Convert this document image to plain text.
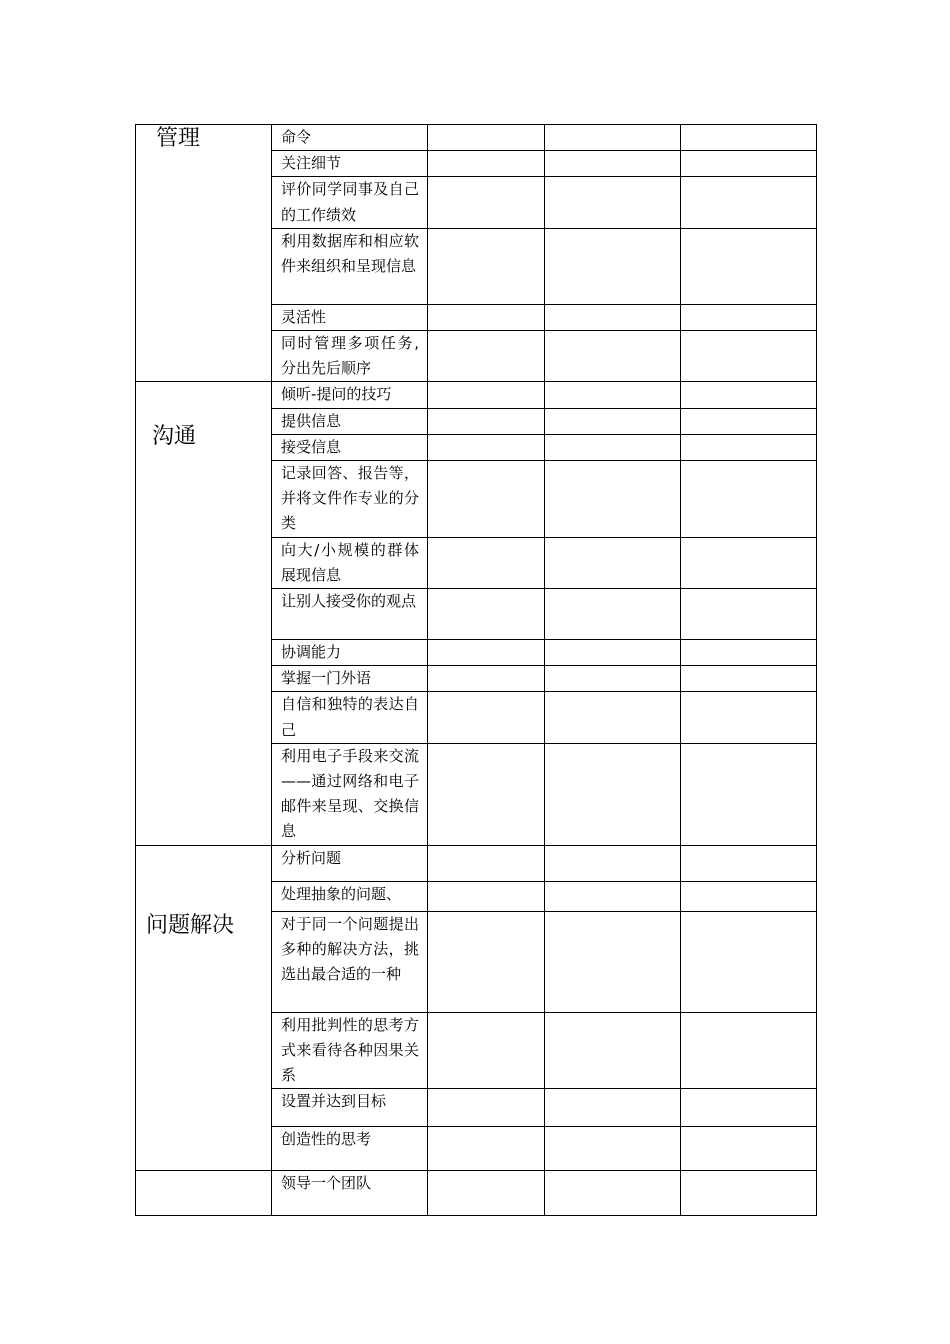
管理	命令			

	关注细节			

	评价同学同事及自己的工作绩效			

	利用数据库和相应软件来组织和呈现信息			

	灵活性			

	同时管理多项任务,分出先后顺序			

沟通	倾听-提问的技巧			

	提供信息			

	接受信息			

	记录回答、报告等，并将文件作专业的分类			

	向大/小规模的群体展现信息			

	让别人接受你的观点			

	协调能力			

	掌握一门外语			

	自信和独特的表达自己			

	利用电子手段来交流——通过网络和电子邮件来呈现、交换信息			

问题解决	分析问题			

	处理抽象的问题、			

	对于同一个问题提出多种的解决方法，挑选出最合适的一种			

	利用批判性的思考方式来看待各种因果关系			

	设置并达到目标			

	创造性的思考			

	领导一个团队			
